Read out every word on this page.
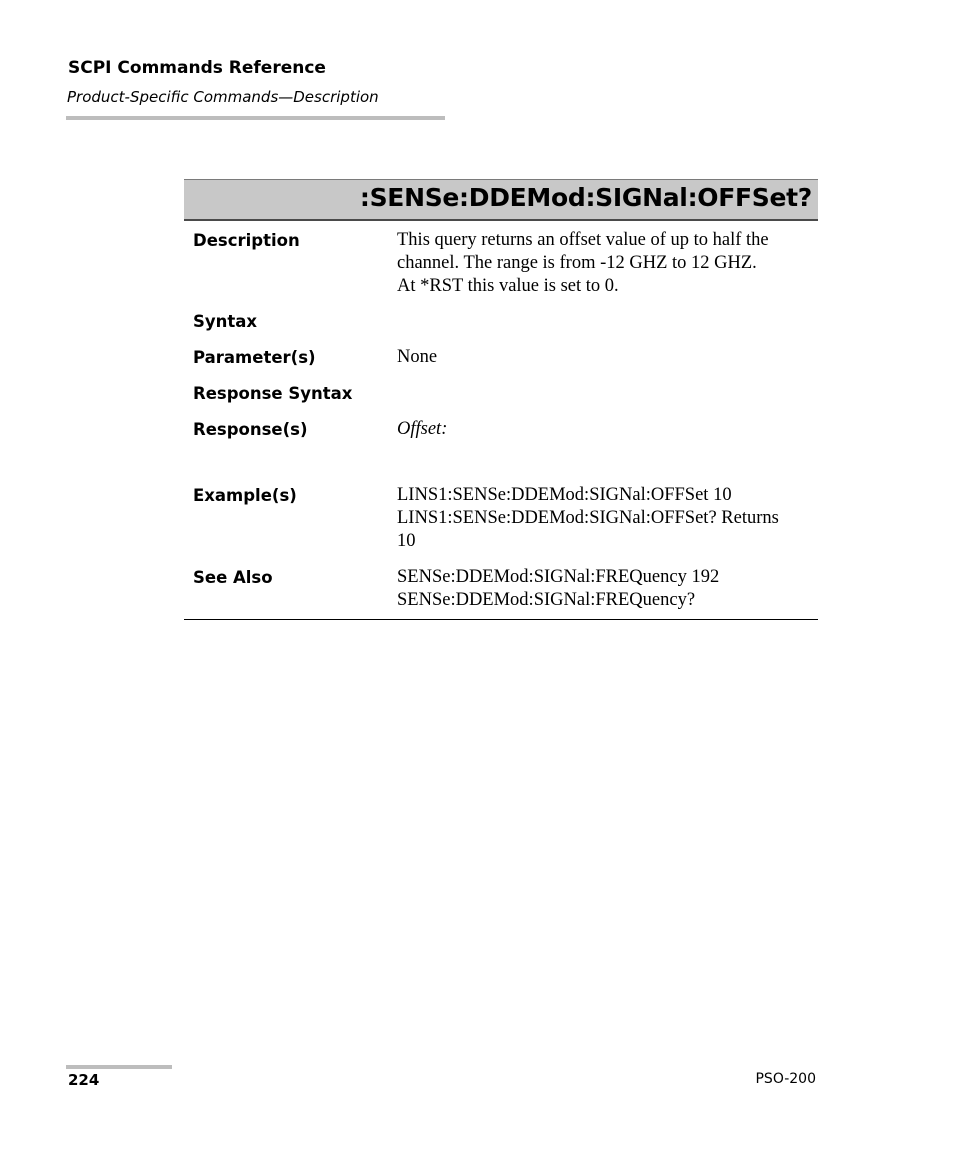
SCPI Commands Reference
Product-Specific Commands—Description
:SENSe:DDEMod:SIGNal:OFFSet?
Description	This query returns an offset value of up to half the
channel. The range is from -12 GHZ to 12 GHZ.
At *RST this value is set to 0.
Syntax
Parameter(s)	None
Response Syntax
Response(s)	Offset:
Example(s)	LINS1:SENSe:DDEMod:SIGNal:OFFSet 10
LINS1:SENSe:DDEMod:SIGNal:OFFSet? Returns
10
See Also	SENSe:DDEMod:SIGNal:FREQuency 192
SENSe:DDEMod:SIGNal:FREQuency?
224	PSO-200
